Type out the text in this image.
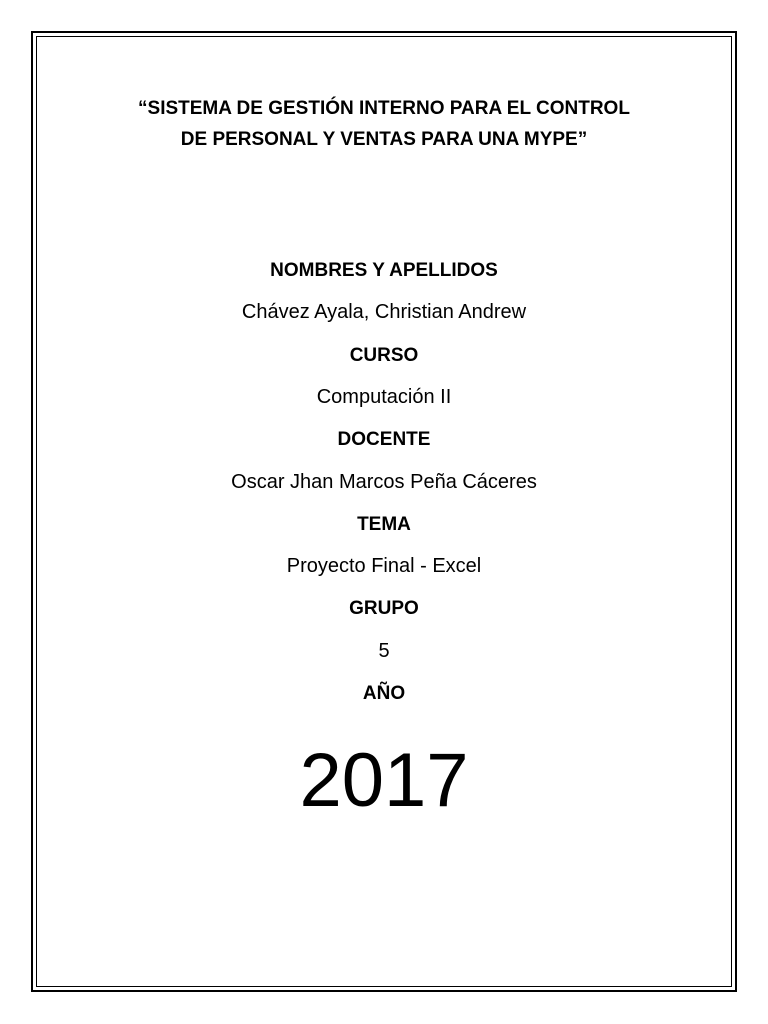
“SISTEMA DE GESTIÓN INTERNO PARA EL CONTROL
DE PERSONAL Y VENTAS PARA UNA MYPE”
NOMBRES Y APELLIDOS
Chávez Ayala, Christian Andrew
CURSO
Computación II
DOCENTE
Oscar Jhan Marcos Peña Cáceres
TEMA
Proyecto Final - Excel
GRUPO
5
AÑO
2017
